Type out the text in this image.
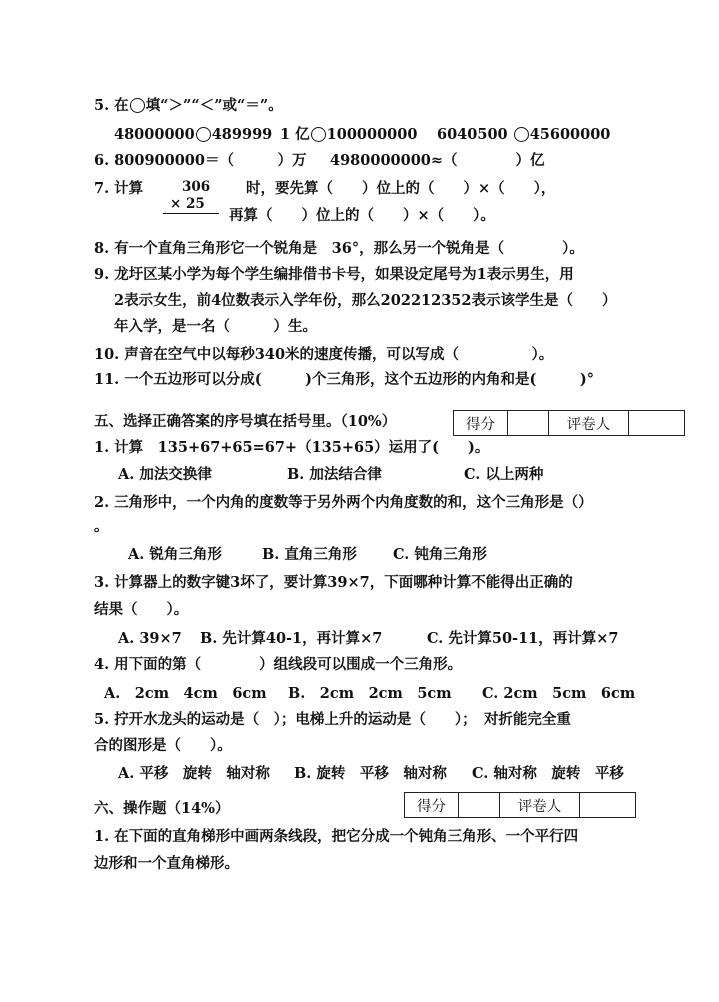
5. 在 填“＞”“＜”或“＝”。
48000000 489999 1 亿 100000000 6040500 45600000
6. 800900000＝（　　　）万 4980000000≈（　　　　）亿
7. 计算	306
× 25
时，要先算（　　）位上的（　　）×（　　），
再算（　　）位上的（　　）×（　　）。
8. 有一个直角三角形它一个锐角是　36°，那么另一个锐角是（　　　　）。
9. 龙圩区某小学为每个学生编排借书卡号，如果设定尾号为1表示男生，用
2表示女生，前4位数表示入学年份，那么202212352表示该学生是（　　）
年入学，是一名（　　　）生。
10. 声音在空气中以每秒340米的速度传播，可以写成（　　　　　）。
11. 一个五边形可以分成(　　　)个三角形，这个五边形的内角和是(　　　)°
五、选择正确答案的序号填在括号里。（10%）	得分		评卷人	
1. 计算　135+67+65=67+（135+65）运用了(　　)。
A. 加法交换律	B. 加法结合律	C. 以上两种
2. 三角形中，一个内角的度数等于另外两个内角度数的和，这个三角形是（）
。
A. 锐角三角形	B. 直角三角形 C. 钝角三角形
3. 计算器上的数字键3坏了，要计算39×7，下面哪种计算不能得出正确的
结果（　　）。
A. 39×7 B. 先计算40-1，再计算×7	C. 先计算50-11，再计算×7
4. 用下面的第（　　　　）组线段可以围成一个三角形。
A.　2cm　4cm　6cm B.　2cm　2cm　5cm C. 2cm　5cm　6cm
5. 拧开水龙头的运动是（　）；电梯上升的运动是（　　）；　对折能完全重
合的图形是（　　）。
A. 平移　旋转　轴对称 B. 旋转　平移　轴对称 C. 轴对称　旋转　平移
六、操作题（14%）	得分		评卷人	
1. 在下面的直角梯形中画两条线段，把它分成一个钝角三角形、一个平行四
边形和一个直角梯形。
